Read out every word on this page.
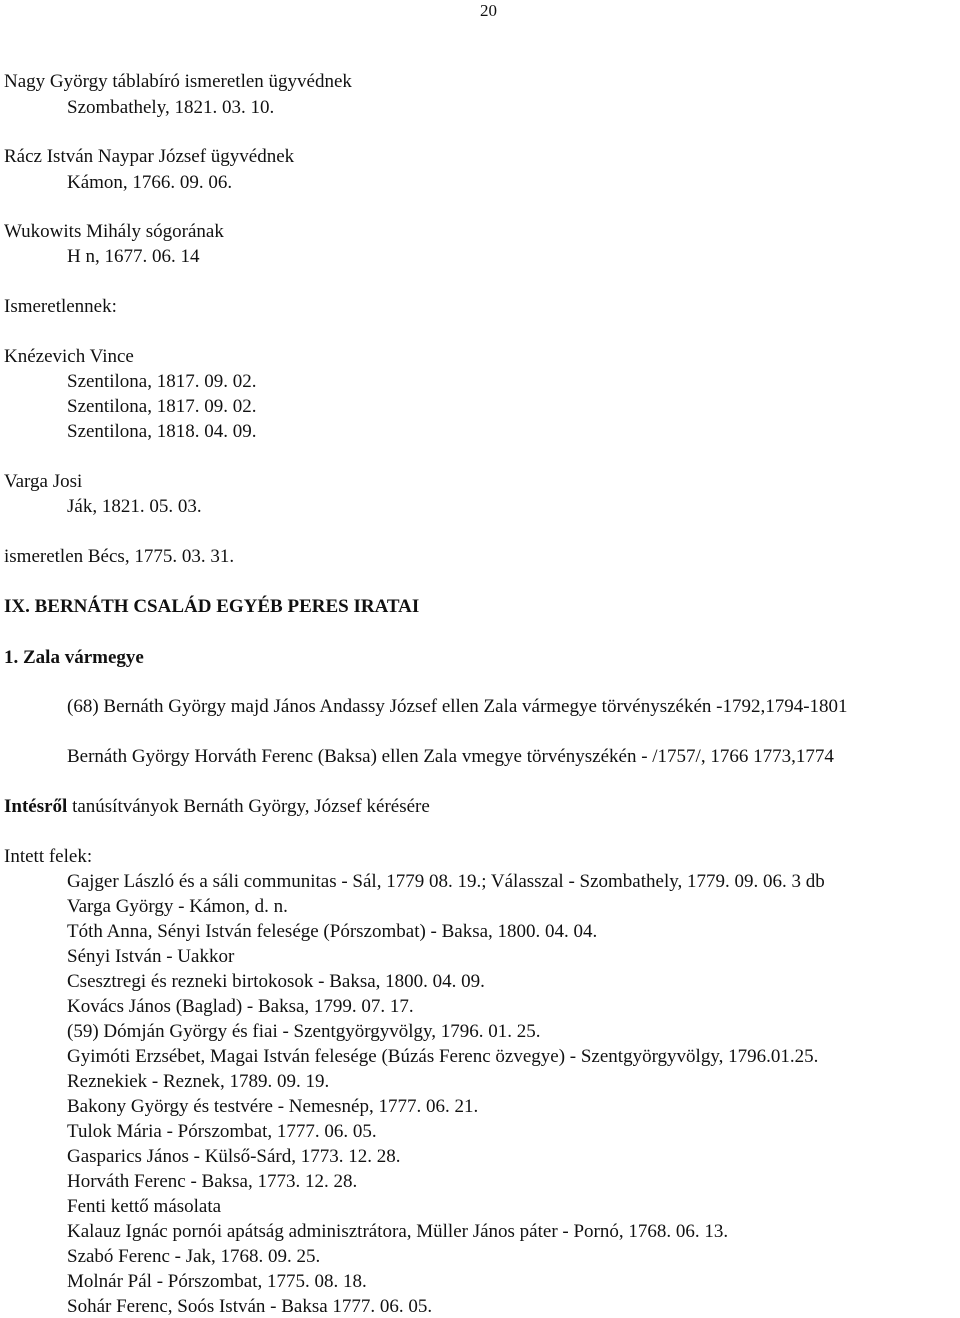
20
Nagy György táblabíró ismeretlen ügyvédnek
Szombathely, 1821. 03. 10.
Rácz István Naypar József ügyvédnek
Kámon, 1766. 09. 06.
Wukowits Mihály sógorának
H n, 1677. 06. 14
Ismeretlennek:
Knézevich Vince
Szentilona, 1817. 09. 02.
Szentilona, 1817. 09. 02.
Szentilona, 1818. 04. 09.
Varga Josi
Ják, 1821. 05. 03.
ismeretlen Bécs, 1775. 03. 31.
IX. BERNÁTH CSALÁD EGYÉB PERES IRATAI
1. Zala vármegye
(68) Bernáth György majd János Andassy József ellen Zala vármegye törvényszékén -1792,1794-1801
Bernáth György Horváth Ferenc (Baksa) ellen Zala vmegye törvényszékén - /1757/, 1766 1773,1774
Intésről tanúsítványok Bernáth György, József kérésére
Intett felek:
Gajger László és a sáli communitas - Sál, 1779 08. 19.; Válasszal - Szombathely, 1779. 09. 06. 3 db
Varga György - Kámon, d. n.
Tóth Anna, Sényi István felesége (Pórszombat) - Baksa, 1800. 04. 04.
Sényi István - Uakkor
Csesztregi és rezneki birtokosok - Baksa, 1800. 04. 09.
Kovács János (Baglad) - Baksa, 1799. 07. 17.
(59) Dómján György és fiai - Szentgyörgyvölgy, 1796. 01. 25.
Gyimóti Erzsébet, Magai István felesége (Búzás Ferenc özvegye) - Szentgyörgyvölgy, 1796.01.25.
Reznekiek - Reznek, 1789. 09. 19.
Bakony György és testvére - Nemesnép, 1777. 06. 21.
Tulok Mária - Pórszombat, 1777. 06. 05.
Gasparics János - Külső-Sárd, 1773. 12. 28.
Horváth Ferenc - Baksa, 1773. 12. 28.
Fenti kettő másolata
Kalauz Ignác pornói apátság adminisztrátora, Müller János páter - Pornó, 1768. 06. 13.
Szabó Ferenc - Jak, 1768. 09. 25.
Molnár Pál - Pórszombat, 1775. 08. 18.
Sohár Ferenc, Soós István - Baksa 1777. 06. 05.
